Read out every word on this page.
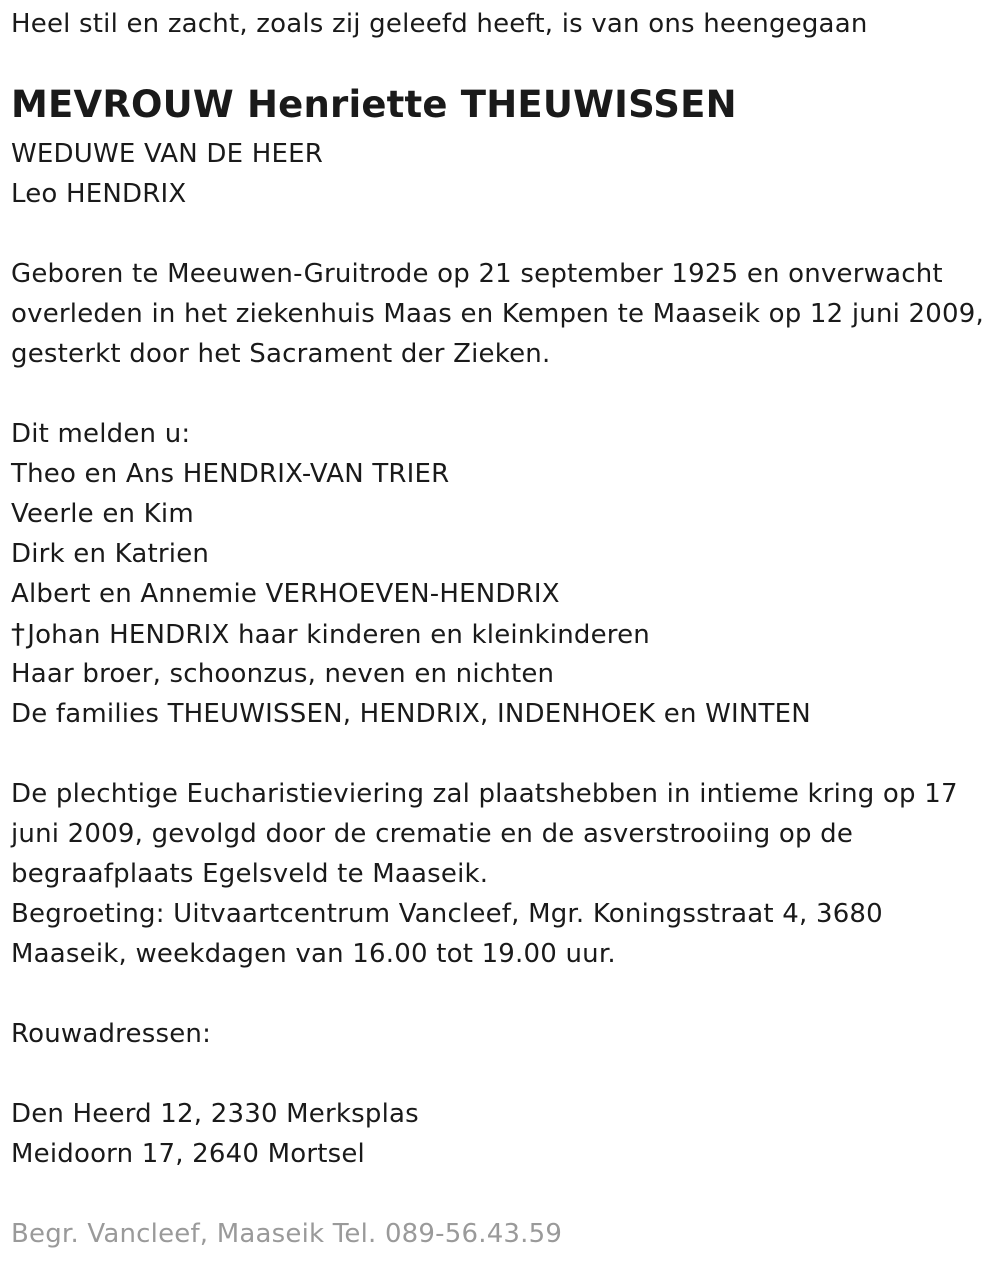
Heel stil en zacht, zoals zij geleefd heeft, is van ons heengegaan
MEVROUW Henriette THEUWISSEN
WEDUWE VAN DE HEER
Leo HENDRIX
Geboren te Meeuwen-Gruitrode op 21 september 1925 en onverwacht
overleden in het ziekenhuis Maas en Kempen te Maaseik op 12 juni 2009,
gesterkt door het Sacrament der Zieken.
Dit melden u:
Theo en Ans HENDRIX-VAN TRIER
Veerle en Kim
Dirk en Katrien
Albert en Annemie VERHOEVEN-HENDRIX
†Johan HENDRIX haar kinderen en kleinkinderen
Haar broer, schoonzus, neven en nichten
De families THEUWISSEN, HENDRIX, INDENHOEK en WINTEN
De plechtige Eucharistieviering zal plaatshebben in intieme kring op 17
juni 2009, gevolgd door de crematie en de asverstrooiing op de
begraafplaats Egelsveld te Maaseik.
Begroeting: Uitvaartcentrum Vancleef, Mgr. Koningsstraat 4, 3680
Maaseik, weekdagen van 16.00 tot 19.00 uur.
Rouwadressen:
Den Heerd 12, 2330 Merksplas
Meidoorn 17, 2640 Mortsel
Begr. Vancleef, Maaseik Tel. 089-56.43.59
